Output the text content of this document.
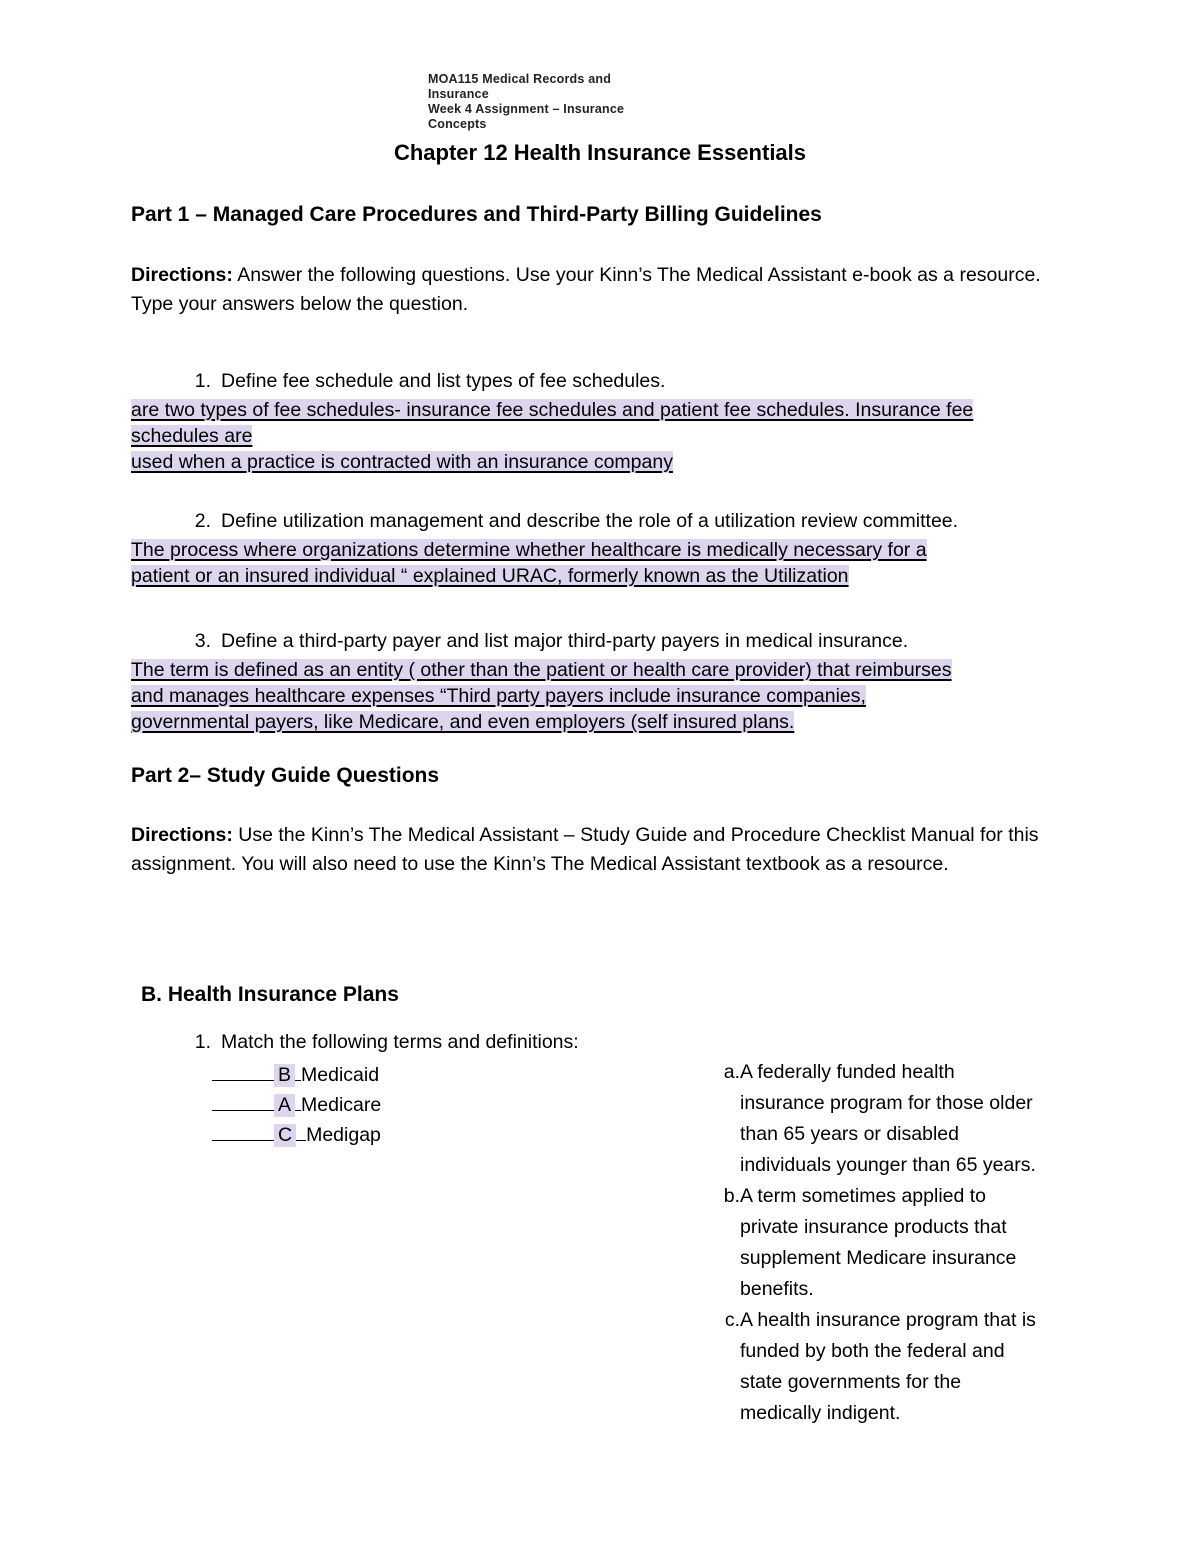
MOA115 Medical Records and
Insurance
Week 4 Assignment – Insurance
Concepts
Chapter 12 Health Insurance Essentials
Part 1 – Managed Care Procedures and Third-Party Billing Guidelines
Directions: Answer the following questions. Use your Kinn’s The Medical Assistant e-book as a resource. Type your answers below the question.
1. Define fee schedule and list types of fee schedules.
are two types of fee schedules- insurance fee schedules and patient fee schedules. Insurance fee
schedules are
used when a practice is contracted with an insurance company
2. Define utilization management and describe the role of a utilization review committee.
The process where organizations determine whether healthcare is medically necessary for a
patient or an insured individual “ explained URAC, formerly known as the Utilization
3. Define a third-party payer and list major third-party payers in medical insurance.
The term is defined as an entity ( other than the patient or health care provider) that reimburses
and manages healthcare expenses “Third party payers include insurance companies,
governmental payers, like Medicare, and even employers (self insured plans.
Part 2– Study Guide Questions
Directions: Use the Kinn’s The Medical Assistant – Study Guide and Procedure Checklist Manual for this assignment. You will also need to use the Kinn’s The Medical Assistant textbook as a resource.
B. Health Insurance Plans
1. Match the following terms and definitions:
B Medicaid
A Medicare
C Medigap
a. A federally funded health insurance program for those older than 65 years or disabled individuals younger than 65 years.
b. A term sometimes applied to private insurance products that supplement Medicare insurance benefits.
c. A health insurance program that is funded by both the federal and state governments for the medically indigent.
